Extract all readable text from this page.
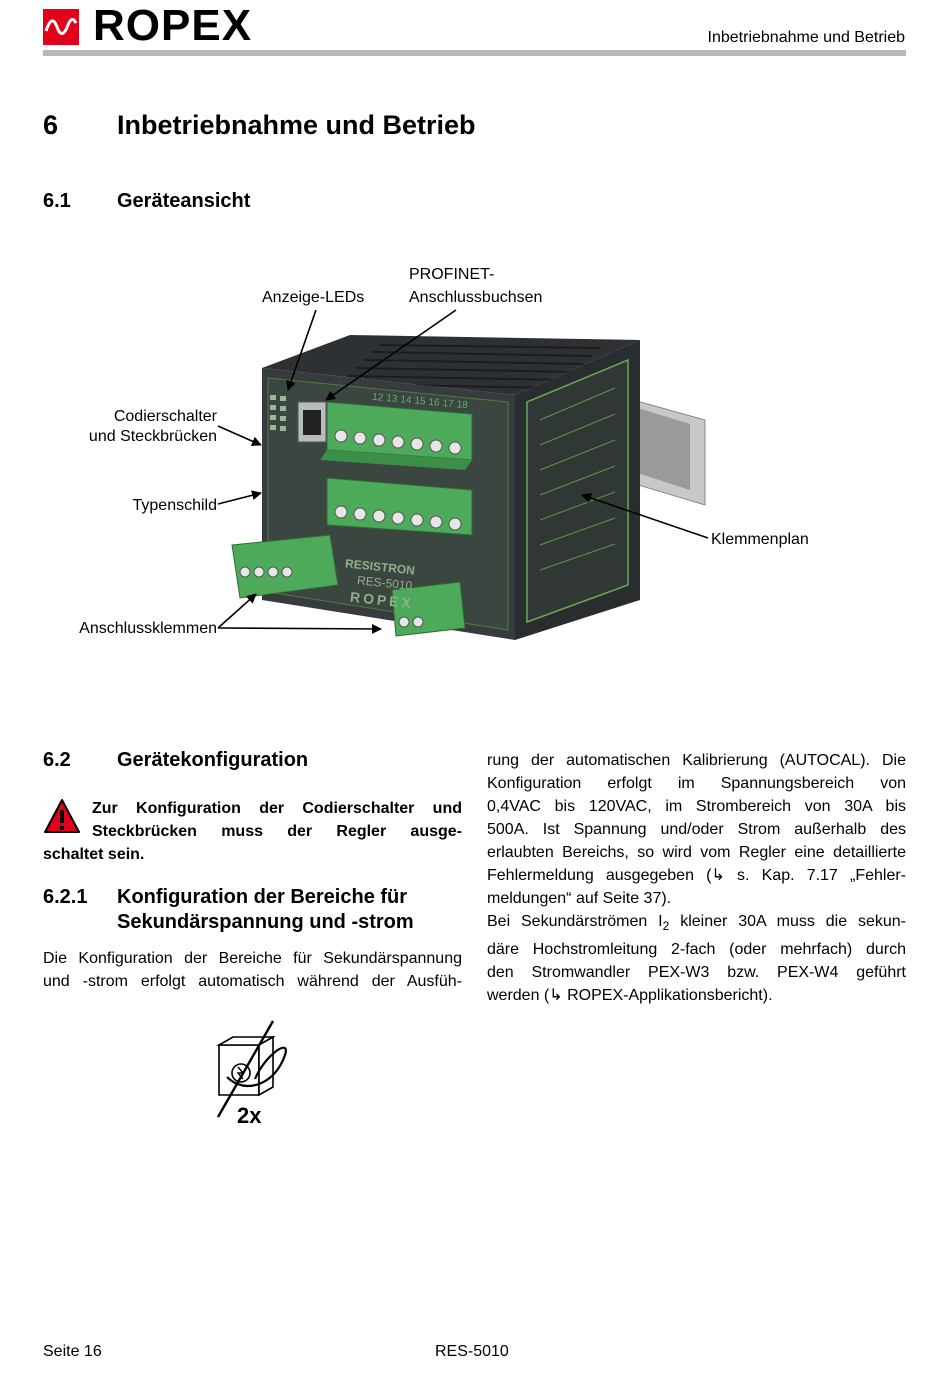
ROPEX	Inbetriebnahme und Betrieb
6 Inbetriebnahme und Betrieb
6.1 Geräteansicht
RESISTRON
RES-5010
ROPEX
12 13 14 15 16 17 18
Anzeige-LEDs
PROFINET-
Anschlussbuchsen
Codierschalter
und Steckbrücken
Typenschild
Klemmenplan
Anschlussklemmen
6.2 Gerätekonfiguration
Zur Konfiguration der Codierschalter und
Steckbrücken muss der Regler ausge-
schaltet sein.
6.2.1 Konfiguration der Bereiche für
Sekundärspannung und -strom
Die Konfiguration der Bereiche für Sekundärspannung
und -strom erfolgt automatisch während der Ausfüh-

rung der automatischen Kalibrierung (AUTOCAL). Die

Konfiguration erfolgt im Spannungsbereich von

0,4VAC bis 120VAC, im Strombereich von 30A bis

500A. Ist Spannung und/oder Strom außerhalb des

erlaubten Bereichs, so wird vom Regler eine detaillierte

Fehlermeldung ausgegeben (↳ s. Kap. 7.17 „Fehler-

meldungen“ auf Seite 37).

Bei Sekundärströmen $I_2$ kleiner 30A muss die sekun-

däre Hochstromleitung 2-fach (oder mehrfach) durch

den Stromwandler PEX-W3 bzw. PEX-W4 geführt

werden (↳ ROPEX-Applikationsbericht).

2x
Seite 16	RES-5010
